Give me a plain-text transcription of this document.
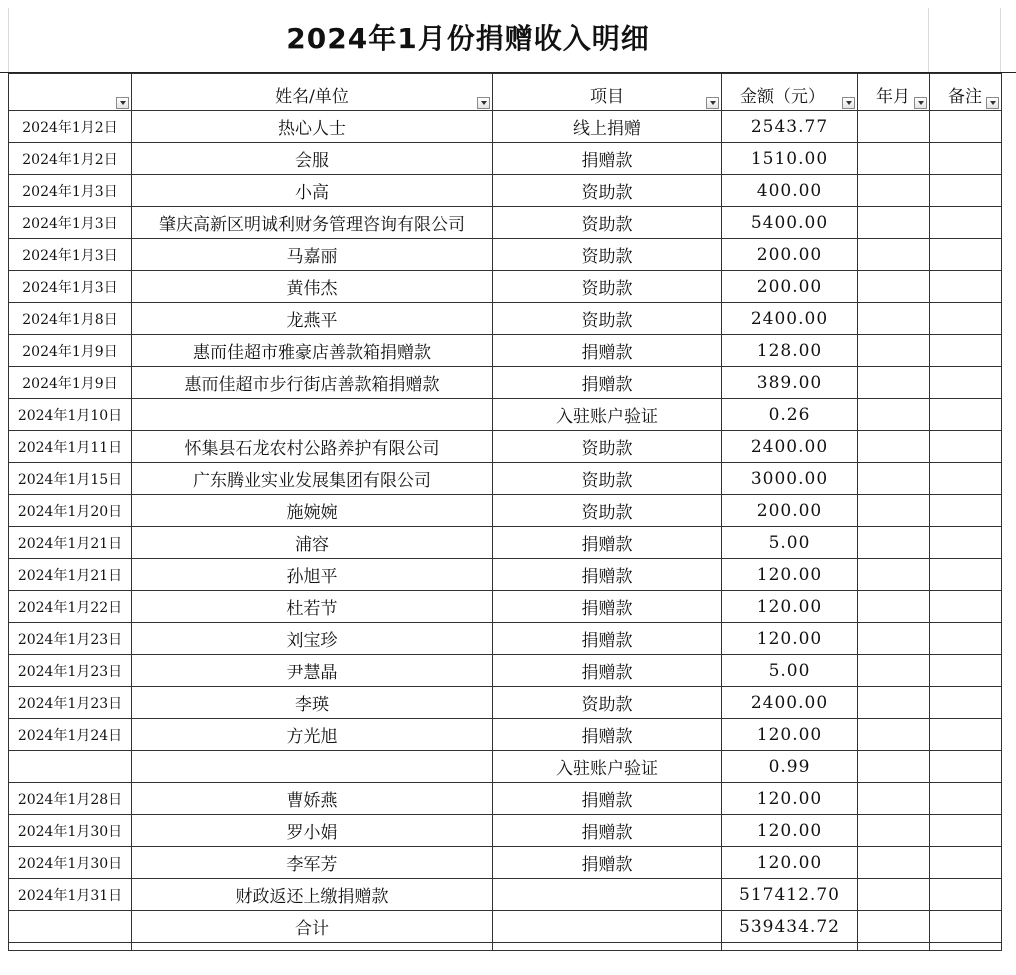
2024年1月份捐赠收入明细

	姓名/单位	项目	金额（元）	年月	备注

2024年1月2日	热心人士	线上捐赠	2543.77		
2024年1月2日	会服	捐赠款	1510.00		
2024年1月3日	小高	资助款	400.00		
2024年1月3日	肇庆高新区明诚利财务管理咨询有限公司	资助款	5400.00		
2024年1月3日	马嘉丽	资助款	200.00		
2024年1月3日	黄伟杰	资助款	200.00		
2024年1月8日	龙燕平	资助款	2400.00		
2024年1月9日	惠而佳超市雅豪店善款箱捐赠款	捐赠款	128.00		
2024年1月9日	惠而佳超市步行街店善款箱捐赠款	捐赠款	389.00		
2024年1月10日		入驻账户验证	0.26		
2024年1月11日	怀集县石龙农村公路养护有限公司	资助款	2400.00		
2024年1月15日	广东腾业实业发展集团有限公司	资助款	3000.00		
2024年1月20日	施婉婉	资助款	200.00		
2024年1月21日	浦容	捐赠款	5.00		
2024年1月21日	孙旭平	捐赠款	120.00		
2024年1月22日	杜若节	捐赠款	120.00		
2024年1月23日	刘宝珍	捐赠款	120.00		
2024年1月23日	尹慧晶	捐赠款	5.00		
2024年1月23日	李瑛	资助款	2400.00		
2024年1月24日	方光旭	捐赠款	120.00		
		入驻账户验证	0.99		
2024年1月28日	曹娇燕	捐赠款	120.00		
2024年1月30日	罗小娟	捐赠款	120.00		
2024年1月30日	李军芳	捐赠款	120.00		
2024年1月31日	财政返还上缴捐赠款		517412.70		
	合计		539434.72		
